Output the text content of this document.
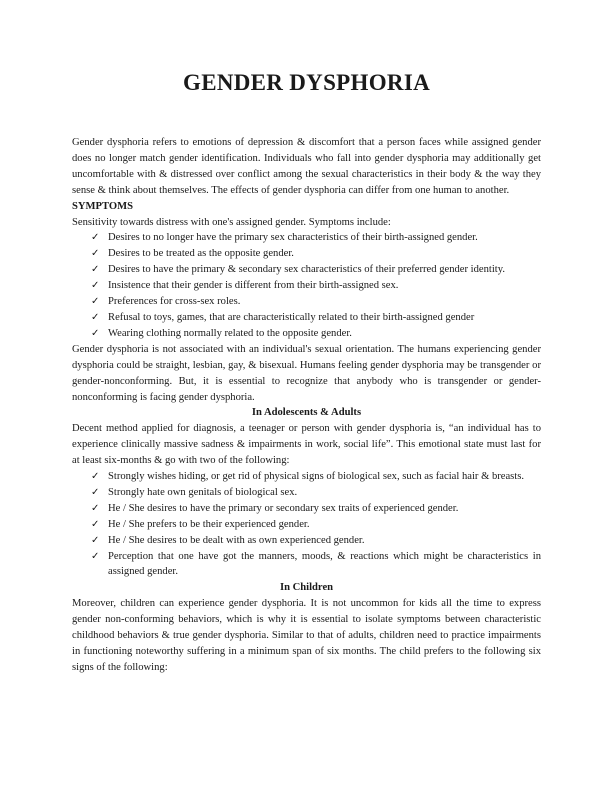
GENDER DYSPHORIA

Gender dysphoria refers to emotions of depression & discomfort that a person faces while assigned gender does no longer match gender identification. Individuals who fall into gender dysphoria may additionally get uncomfortable with & distressed over conflict among the sexual characteristics in their body & the way they sense & think about themselves. The effects of gender dysphoria can differ from one human to another.

SYMPTOMS

Sensitivity towards distress with one's assigned gender. Symptoms include:

✓ Desires to no longer have the primary sex characteristics of their birth-assigned gender.
✓ Desires to be treated as the opposite gender.
✓ Desires to have the primary & secondary sex characteristics of their preferred gender identity.
✓ Insistence that their gender is different from their birth-assigned sex.
✓ Preferences for cross-sex roles.
✓ Refusal to toys, games, that are characteristically related to their birth-assigned gender
✓ Wearing clothing normally related to the opposite gender.

Gender dysphoria is not associated with an individual's sexual orientation. The humans experiencing gender dysphoria could be straight, lesbian, gay, & bisexual. Humans feeling gender dysphoria may be transgender or gender-nonconforming. But, it is essential to recognize that anybody who is transgender or gender-nonconforming is facing gender dysphoria.

In Adolescents & Adults

Decent method applied for diagnosis, a teenager or person with gender dysphoria is, “an individual has to experience clinically massive sadness & impairments in work, social life”. This emotional state must last for at least six-months & go with two of the following:

✓ Strongly wishes hiding, or get rid of physical signs of biological sex, such as facial hair & breasts.
✓ Strongly hate own genitals of biological sex.
✓ He / She desires to have the primary or secondary sex traits of experienced gender.
✓ He / She prefers to be their experienced gender.
✓ He / She desires to be dealt with as own experienced gender.
✓ Perception that one have got the manners, moods, & reactions which might be characteristics in assigned gender.

In Children

Moreover, children can experience gender dysphoria. It is not uncommon for kids all the time to express gender non-conforming behaviors, which is why it is essential to isolate symptoms between characteristic childhood behaviors & true gender dysphoria. Similar to that of adults, children need to practice impairments in functioning noteworthy suffering in a minimum span of six months. The child prefers to the following six signs of the following:
